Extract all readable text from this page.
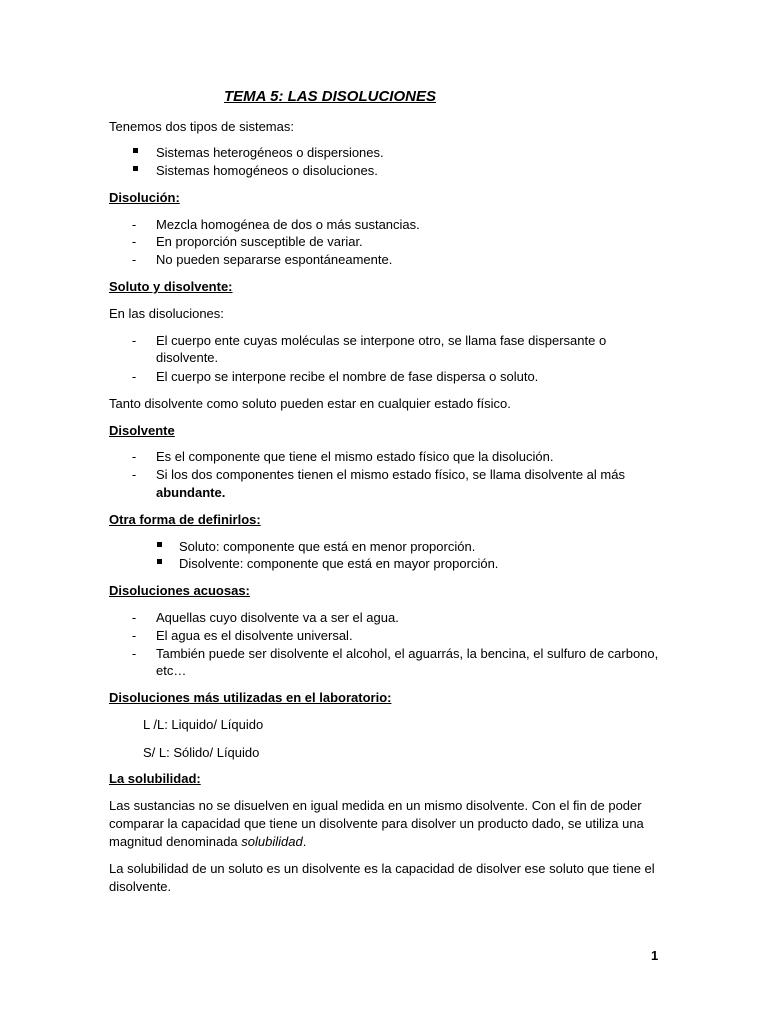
TEMA 5: LAS DISOLUCIONES
Tenemos dos tipos de sistemas:
Sistemas heterogéneos o dispersiones.
Sistemas homogéneos o disoluciones.
Disolución:
-	Mezcla homogénea de dos o más sustancias.
-	En proporción susceptible de variar.
-	No pueden separarse espontáneamente.
Soluto y disolvente:
En las disoluciones:
-	El cuerpo ente cuyas moléculas se interpone otro, se llama fase dispersante o
disolvente.
-	El cuerpo se interpone recibe el nombre de fase dispersa o soluto.
Tanto disolvente como soluto pueden estar en cualquier estado físico.
Disolvente
-	Es el componente que tiene el mismo estado físico que la disolución.
-	Si los dos componentes tienen el mismo estado físico, se llama disolvente al más
abundante.
Otra forma de definirlos:
Soluto: componente que está en menor proporción.
Disolvente: componente que está en mayor proporción.
Disoluciones acuosas:
-	Aquellas cuyo disolvente va a ser el agua.
-	El agua es el disolvente universal.
-	También puede ser disolvente el alcohol, el aguarrás, la bencina, el sulfuro de carbono,
etc…
Disoluciones más utilizadas en el laboratorio:
L /L: Liquido/ Líquido
S/ L: Sólido/ Líquido
La solubilidad:
Las sustancias no se disuelven en igual medida en un mismo disolvente. Con el fin de poder
comparar la capacidad que tiene un disolvente para disolver un producto dado, se utiliza una
magnitud denominada solubilidad.
La solubilidad de un soluto es un disolvente es la capacidad de disolver ese soluto que tiene el
disolvente.
1
